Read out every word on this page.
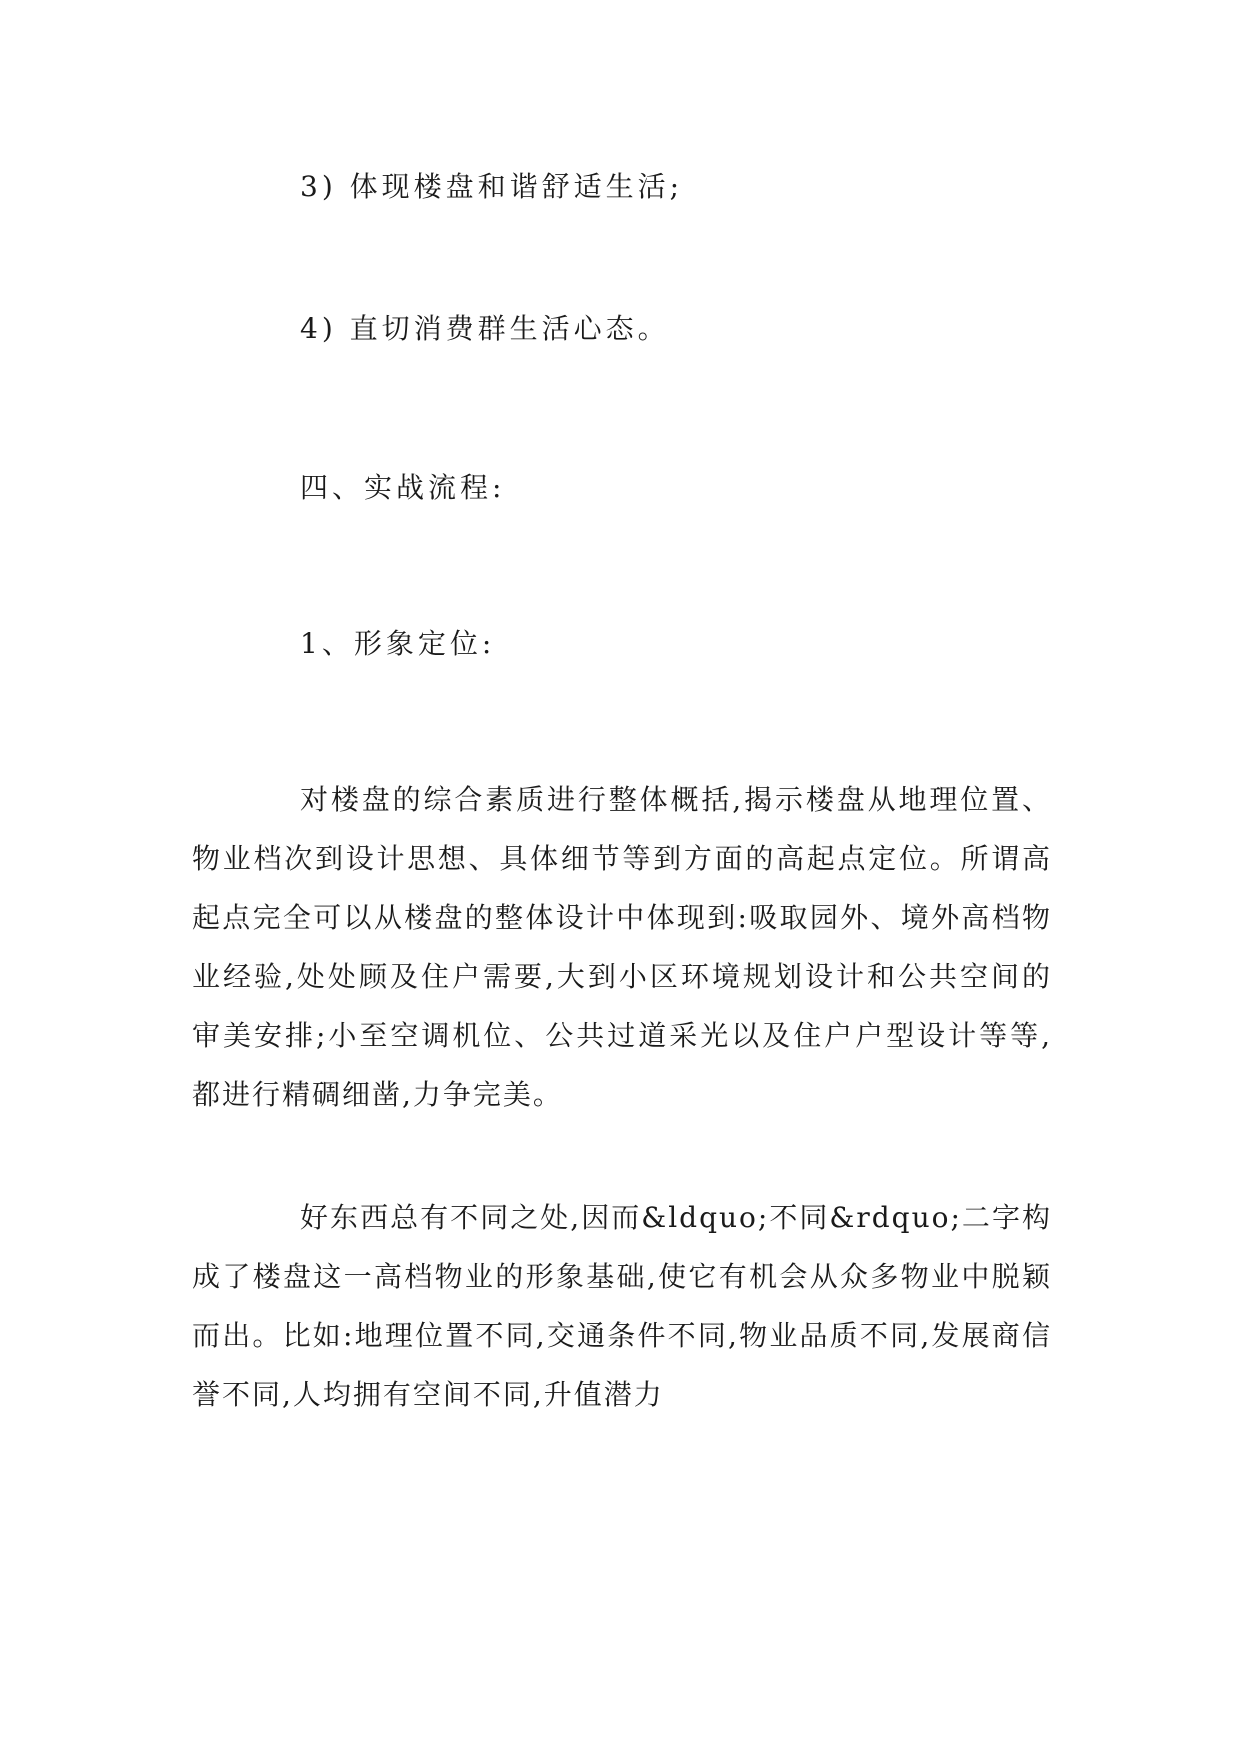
3) 体现楼盘和谐舒适生活;
4) 直切消费群生活心态。
四、实战流程:
1、形象定位:

对楼盘的综合素质进行整体概括,揭示楼盘从地理位置、物业档次到设计思想、具体细节等到方面的高起点定位。所谓高起点完全可以从楼盘的整体设计中体现到:吸取园外、境外高档物业经验,处处顾及住户需要,大到小区环境规划设计和公共空间的审美安排;小至空调机位、公共过道采光以及住户户型设计等等,都进行精碉细凿,力争完美。

好东西总有不同之处,因而&ldquo;不同&rdquo;二字构成了楼盘这一高档物业的形象基础,使它有机会从众多物业中脱颖而出。比如:地理位置不同,交通条件不同,物业品质不同,发展商信誉不同,人均拥有空间不同,升值潜力
